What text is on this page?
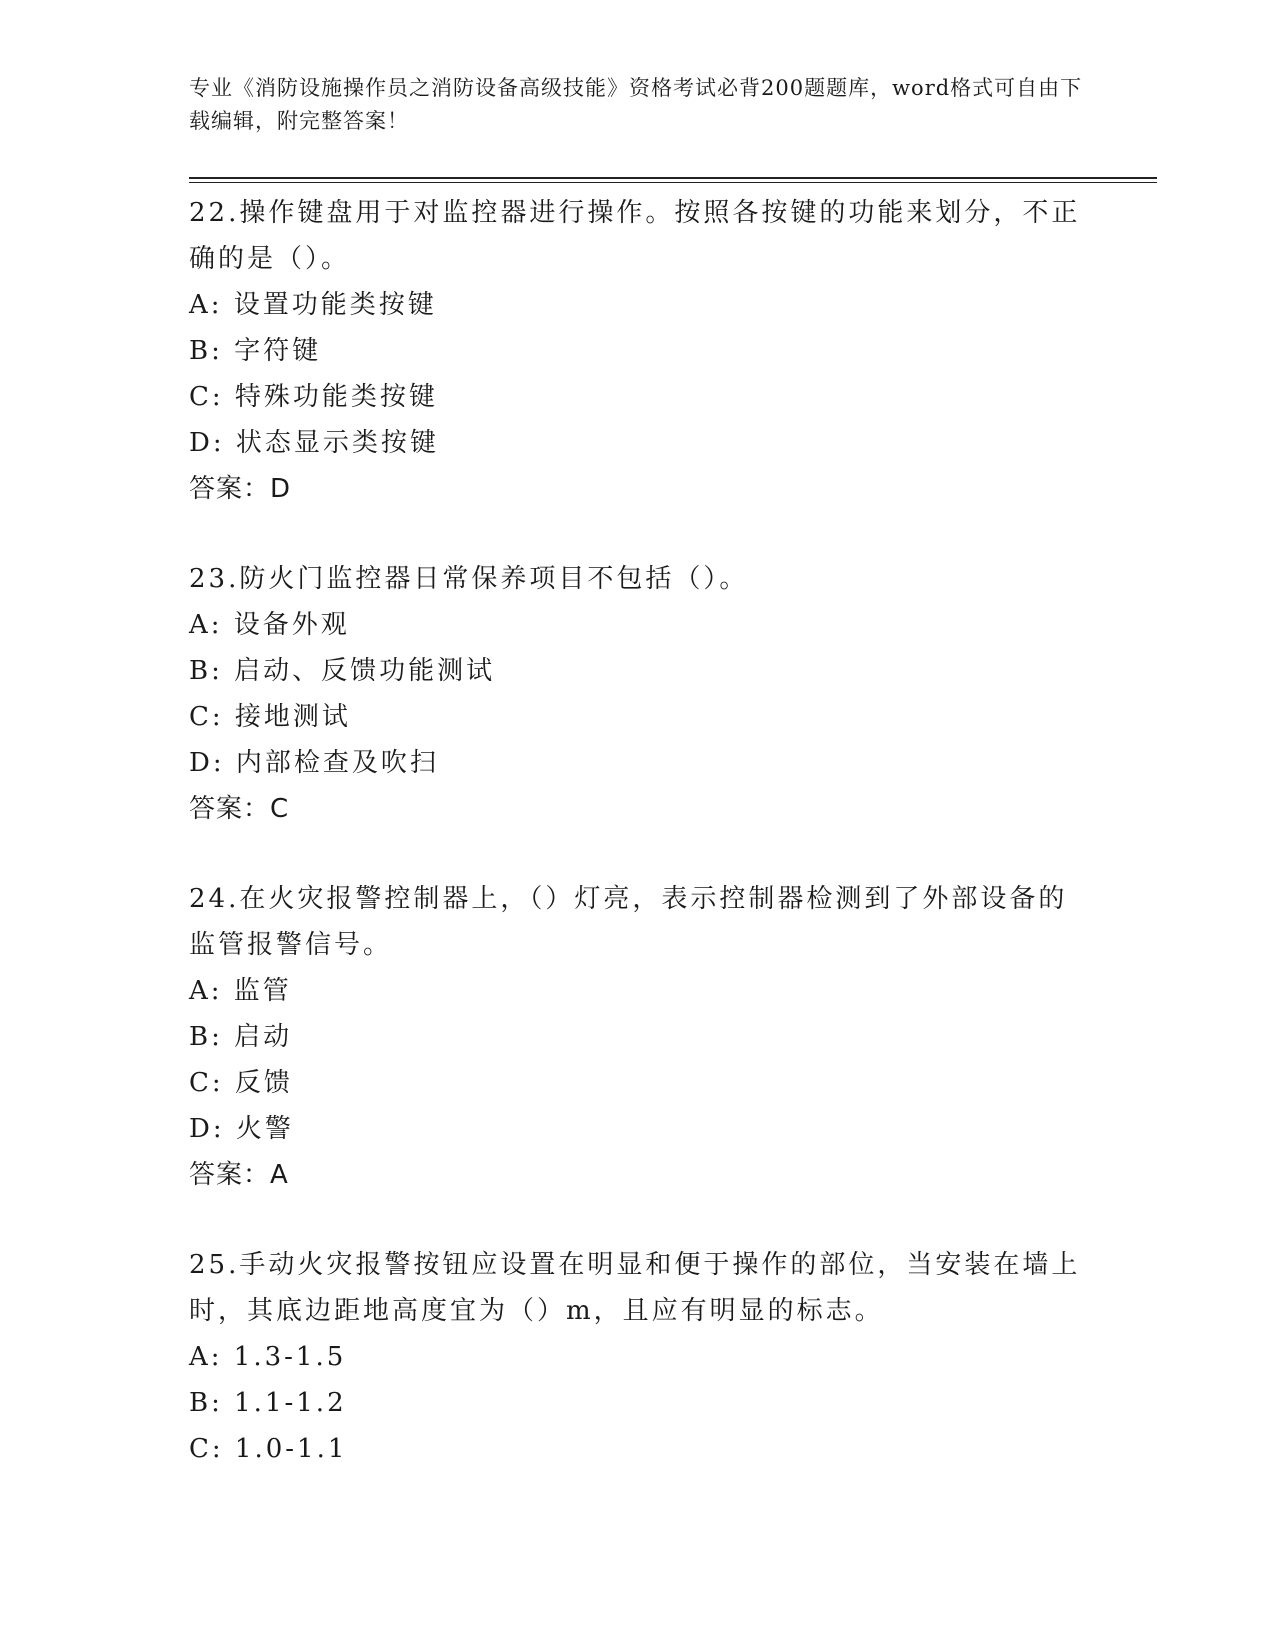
专业《消防设施操作员之消防设备高级技能》资格考试必背200题题库，word格式可自由下载编辑，附完整答案！

22.操作键盘用于对监控器进行操作。按照各按键的功能来划分，不正确的是（）。

A: 设置功能类按键

B: 字符键

C: 特殊功能类按键

D: 状态显示类按键

答案：D

23.防火门监控器日常保养项目不包括（）。

A: 设备外观

B: 启动、反馈功能测试

C: 接地测试

D: 内部检查及吹扫

答案：C

24.在火灾报警控制器上，（）灯亮，表示控制器检测到了外部设备的监管报警信号。

A: 监管

B: 启动

C: 反馈

D: 火警

答案：A

25.手动火灾报警按钮应设置在明显和便于操作的部位，当安装在墙上时，其底边距地高度宜为（）m，且应有明显的标志。

A: 1.3-1.5

B: 1.1-1.2

C: 1.0-1.1
